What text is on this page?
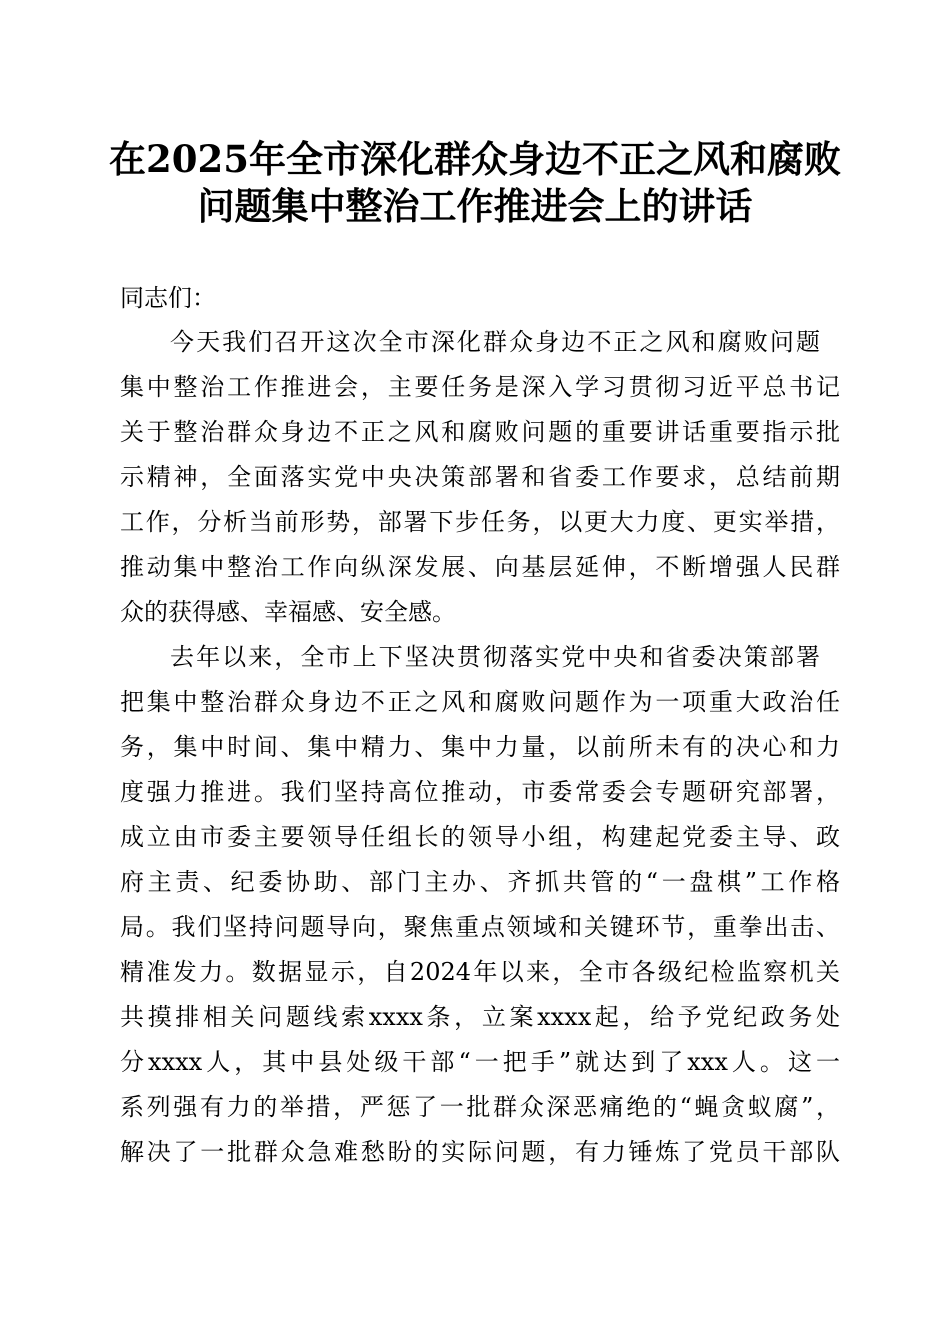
在2025年全市深化群众身边不正之风和腐败
问题集中整治工作推进会上的讲话
同志们：
今天我们召开这次全市深化群众身边不正之风和腐败问题
集中整治工作推进会，主要任务是深入学习贯彻习近平总书记
关于整治群众身边不正之风和腐败问题的重要讲话重要指示批
示精神，全面落实党中央决策部署和省委工作要求，总结前期
工作，分析当前形势，部署下步任务，以更大力度、更实举措，
推动集中整治工作向纵深发展、向基层延伸，不断增强人民群
众的获得感、幸福感、安全感。
去年以来，全市上下坚决贯彻落实党中央和省委决策部署
把集中整治群众身边不正之风和腐败问题作为一项重大政治任
务，集中时间、集中精力、集中力量，以前所未有的决心和力
度强力推进。我们坚持高位推动，市委常委会专题研究部署，
成立由市委主要领导任组长的领导小组，构建起党委主导、政
府主责、纪委协助、部门主办、齐抓共管的“一盘棋”工作格
局。我们坚持问题导向，聚焦重点领域和关键环节，重拳出击、
精准发力。数据显示，自2024年以来，全市各级纪检监察机关
共摸排相关问题线索xxxx条，立案xxxx起，给予党纪政务处
分xxxx人，其中县处级干部“一把手”就达到了xxx人。这一
系列强有力的举措，严惩了一批群众深恶痛绝的“蝇贪蚁腐”，
解决了一批群众急难愁盼的实际问题，有力锤炼了党员干部队
